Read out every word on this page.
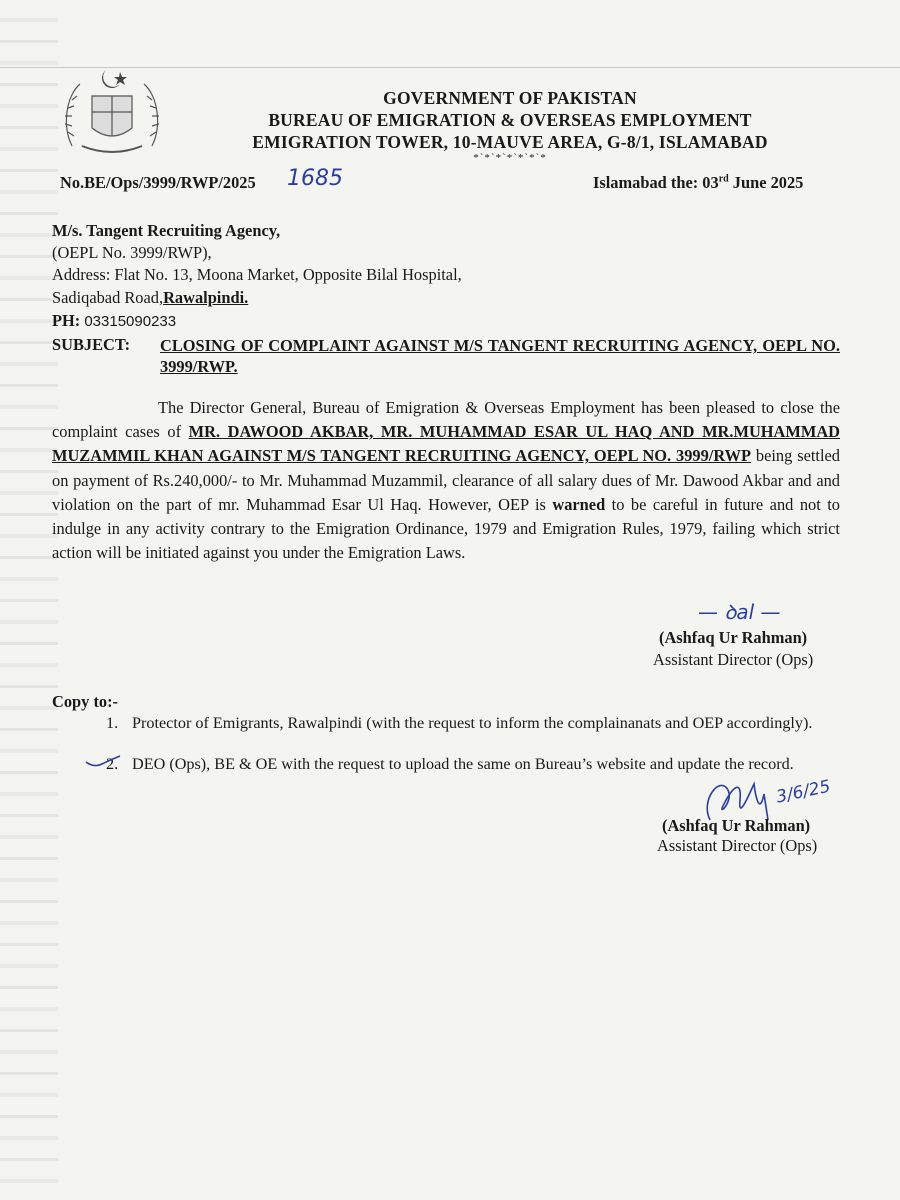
GOVERNMENT OF PAKISTAN
BUREAU OF EMIGRATION & OVERSEAS EMPLOYMENT
EMIGRATION TOWER, 10-MAUVE AREA, G-8/1, ISLAMABAD
*`*`*`*`*`*`*
No.BE/Ops/3999/RWP/2025 1685	Islamabad the: 03rd June 2025
M/s. Tangent Recruiting Agency,
(OEPL No. 3999/RWP),
Address: Flat No. 13, Moona Market, Opposite Bilal Hospital,
Sadiqabad Road,Rawalpindi.
PH: 03315090233
SUBJECT: CLOSING OF COMPLAINT AGAINST M/S TANGENT RECRUITING AGENCY, OEPL NO. 3999/RWP.
The Director General, Bureau of Emigration & Overseas Employment has been pleased to close the complaint cases of MR. DAWOOD AKBAR, MR. MUHAMMAD ESAR UL HAQ AND MR.MUHAMMAD MUZAMMIL KHAN AGAINST M/S TANGENT RECRUITING AGENCY, OEPL NO. 3999/RWP being settled on payment of Rs.240,000/- to Mr. Muhammad Muzammil, clearance of all salary dues of Mr. Dawood Akbar and and violation on the part of mr. Muhammad Esar Ul Haq. However, OEP is warned to be careful in future and not to indulge in any activity contrary to the Emigration Ordinance, 1979 and Emigration Rules, 1979, failing which strict action will be initiated against you under the Emigration Laws.
— ꝺal —
(Ashfaq Ur Rahman)
Assistant Director (Ops)
Copy to:-
1. Protector of Emigrants, Rawalpindi (with the request to inform the complainanats and OEP accordingly).
2. DEO (Ops), BE & OE with the request to upload the same on Bureau’s website and update the record.
3/6/25
(Ashfaq Ur Rahman)
Assistant Director (Ops)
